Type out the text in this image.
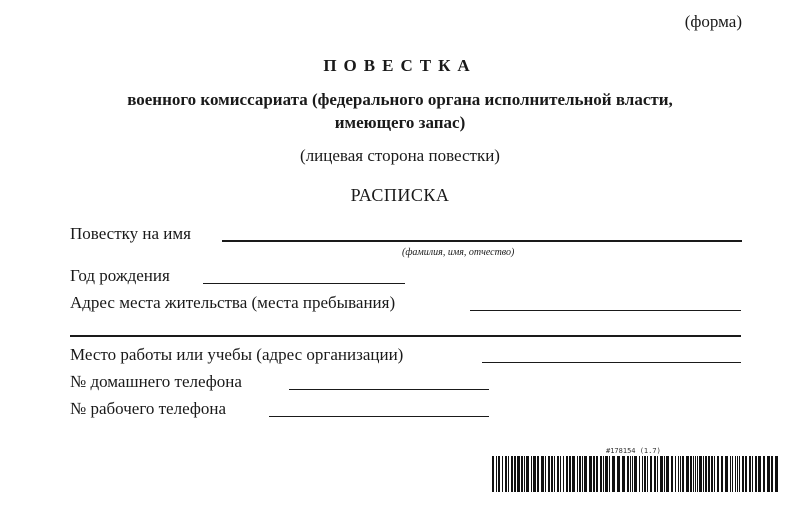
(форма)
ПОВЕСТКА
военного комиссариата (федерального органа исполнительной власти,
имеющего запас)
(лицевая сторона повестки)
РАСПИСКА
Повестку на имя
(фамилия, имя, отчество)
Год рождения
Адрес места жительства (места пребывания)
Место работы или учебы (адрес организации)
№ домашнего телефона
№ рабочего телефона
#178154 (1.7)
